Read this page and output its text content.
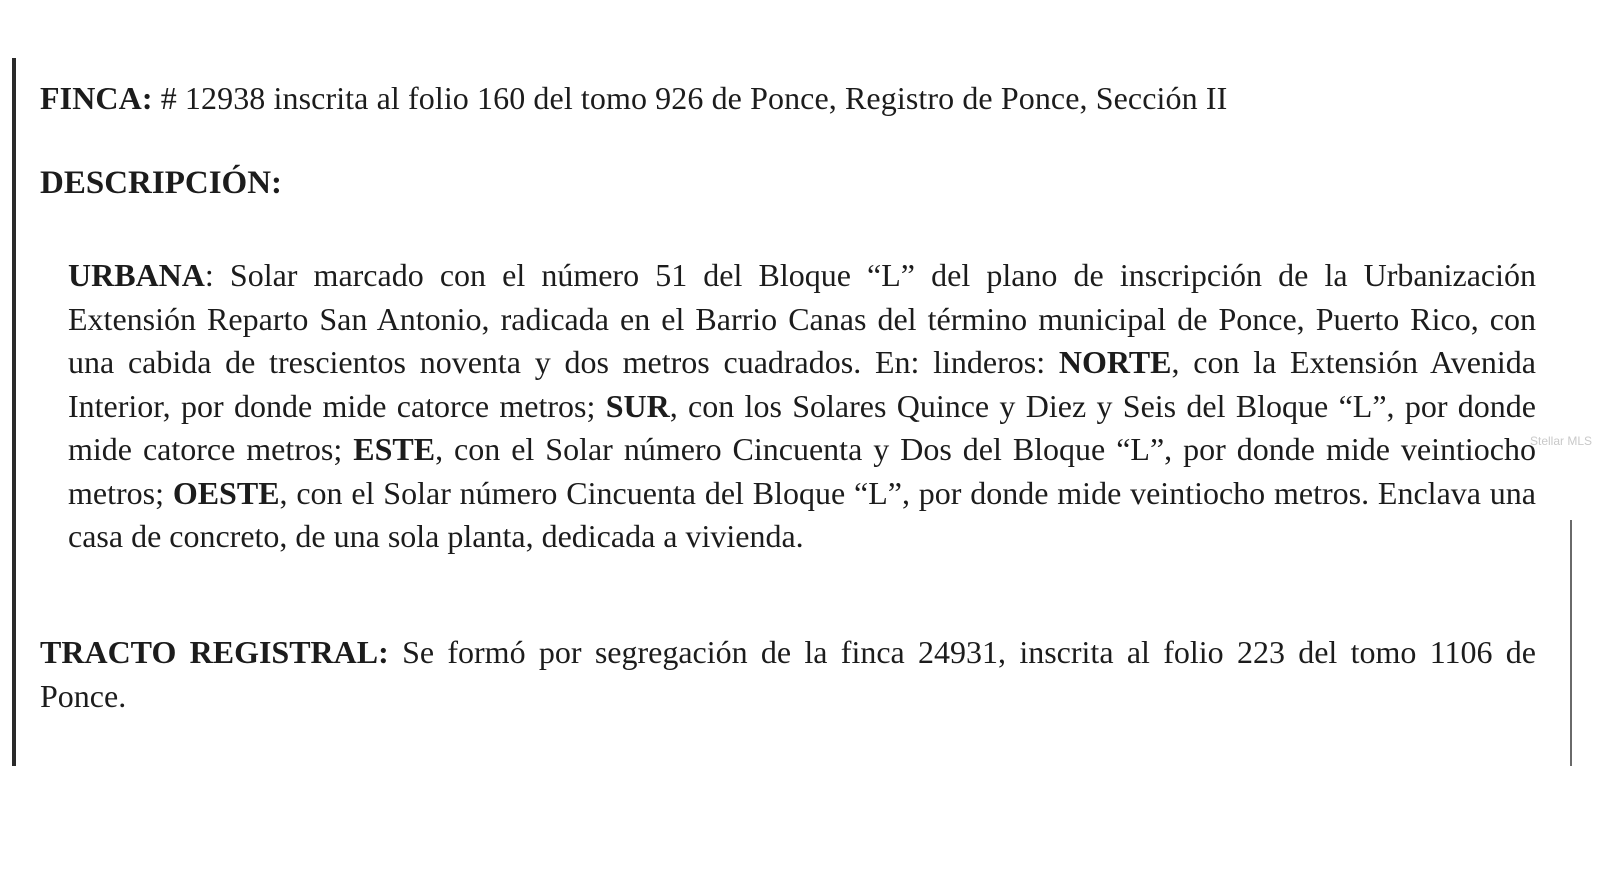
FINCA: # 12938 inscrita al folio 160 del tomo 926 de Ponce, Registro de Ponce, Sección II
DESCRIPCIÓN:
URBANA: Solar marcado con el número 51 del Bloque “L” del plano de inscripción de la Urbanización Extensión Reparto San Antonio, radicada en el Barrio Canas del término municipal de Ponce, Puerto Rico, con una cabida de trescientos noventa y dos metros cuadrados. En: linderos: NORTE, con la Extensión Avenida Interior, por donde mide catorce metros; SUR, con los Solares Quince y Diez y Seis del Bloque “L”, por donde mide catorce metros; ESTE, con el Solar número Cincuenta y Dos del Bloque “L”, por donde mide veintiocho metros; OESTE, con el Solar número Cincuenta del Bloque “L”, por donde mide veintiocho metros. Enclava una casa de concreto, de una sola planta, dedicada a vivienda.
TRACTO REGISTRAL: Se formó por segregación de la finca 24931, inscrita al folio 223 del tomo 1106 de Ponce.
Stellar MLS
